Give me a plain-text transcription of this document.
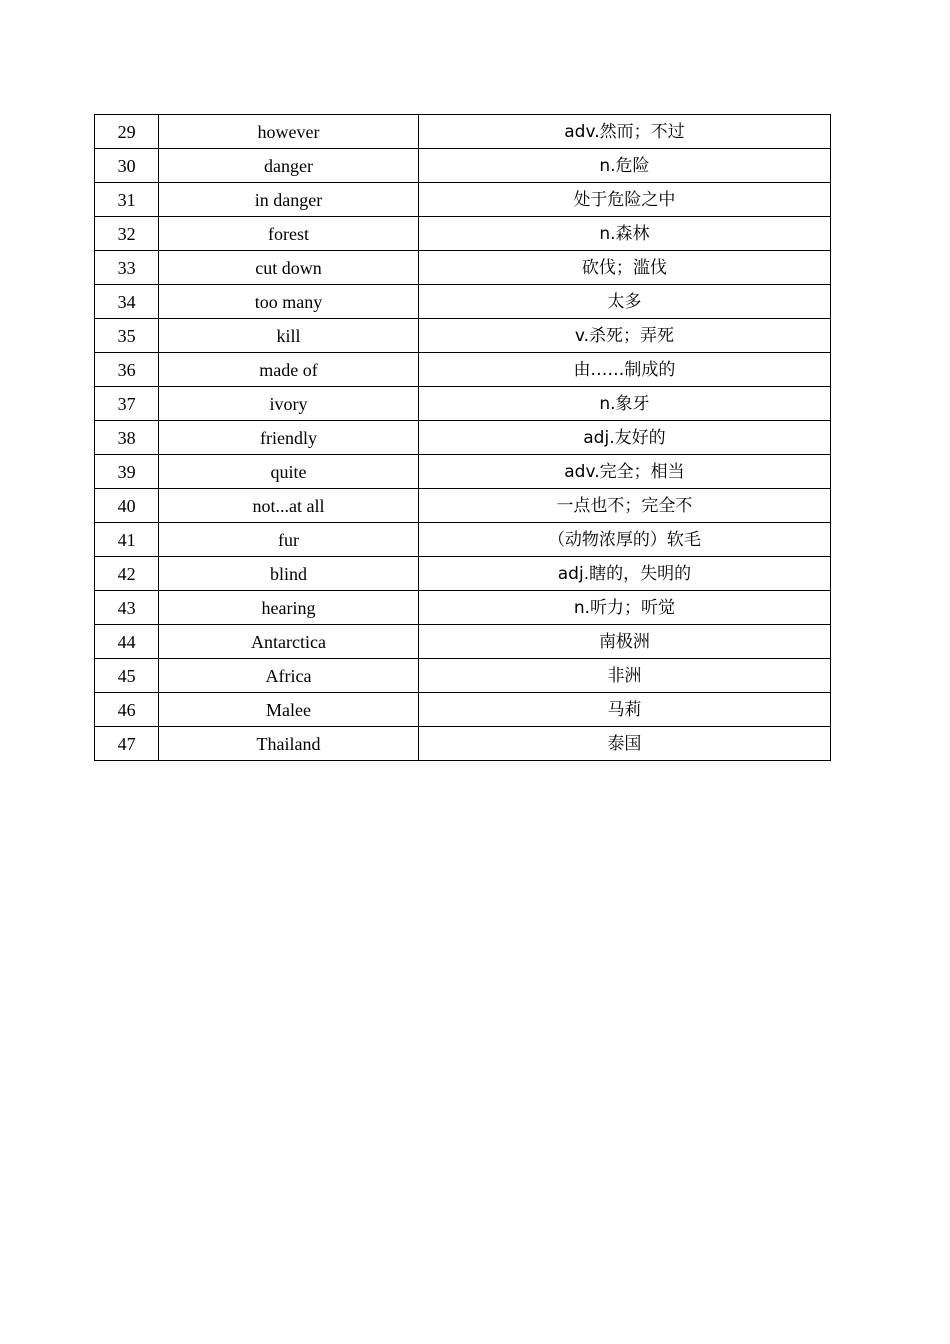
29	however	adv.然而；不过
30	danger	n.危险
31	in danger	处于危险之中
32	forest	n.森林
33	cut down	砍伐；滥伐
34	too many	太多
35	kill	v.杀死；弄死
36	made of	由……制成的
37	ivory	n.象牙
38	friendly	adj.友好的
39	quite	adv.完全；相当
40	not...at all	一点也不；完全不
41	fur	（动物浓厚的）软毛
42	blind	adj.瞎的，失明的
43	hearing	n.听力；听觉
44	Antarctica	南极洲
45	Africa	非洲
46	Malee	马莉
47	Thailand	泰国
